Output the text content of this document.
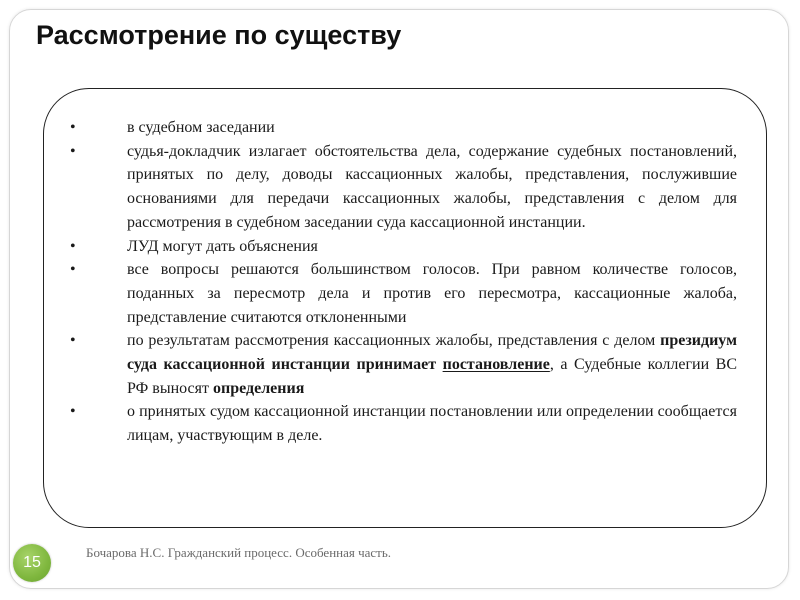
Рассмотрение по существу
•	в судебном заседании
•	судья-докладчик излагает обстоятельства дела, содержание судебных постановлений, принятых по делу, доводы кассационных жалобы, представления, послужившие основаниями для передачи кассационных жалобы, представления с делом для рассмотрения в судебном заседании суда кассационной инстанции.
•	ЛУД могут дать объяснения
•	все вопросы решаются большинством голосов. При равном количестве голосов, поданных за пересмотр дела и против его пересмотра, кассационные жалоба, представление считаются отклоненными
•	по результатам рассмотрения кассационных жалобы, представления с делом президиум суда кассационной инстанции принимает постановление, а Судебные коллегии ВС РФ выносят определения
•	о принятых судом кассационной инстанции постановлении или определении сообщается лицам, участвующим в деле.
15
Бочарова Н.С. Гражданский процесс. Особенная часть.
